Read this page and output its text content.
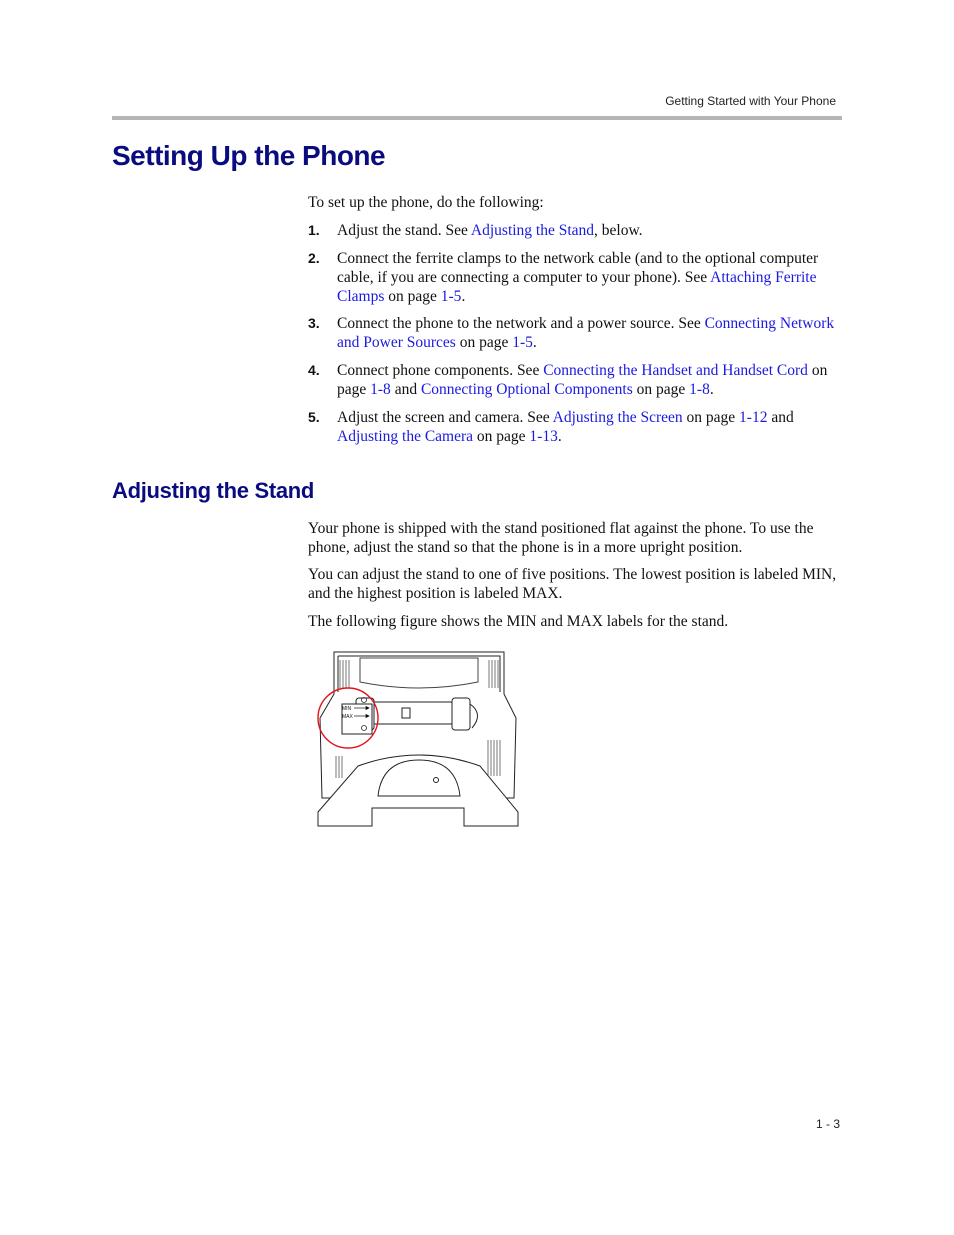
Getting Started with Your Phone
Setting Up the Phone

To set up the phone, do the following:

1.	Adjust the stand. See Adjusting the Stand, below.
2.	Connect the ferrite clamps to the network cable (and to the optional computer cable, if you are connecting a computer to your phone). See Attaching Ferrite Clamps on page 1-5.
3.	Connect the phone to the network and a power source. See Connecting Network and Power Sources on page 1-5.
4.	Connect phone components. See Connecting the Handset and Handset Cord on page 1-8 and Connecting Optional Components on page 1-8.
5.	Adjust the screen and camera. See Adjusting the Screen on page 1-12 and Adjusting the Camera on page 1-13.
Adjusting the Stand

Your phone is shipped with the stand positioned flat against the phone. To use the phone, adjust the stand so that the phone is in a more upright position.

You can adjust the stand to one of five positions. The lowest position is labeled MIN, and the highest position is labeled MAX.

The following figure shows the MIN and MAX labels for the stand.

MIN
MAX
1 - 3
